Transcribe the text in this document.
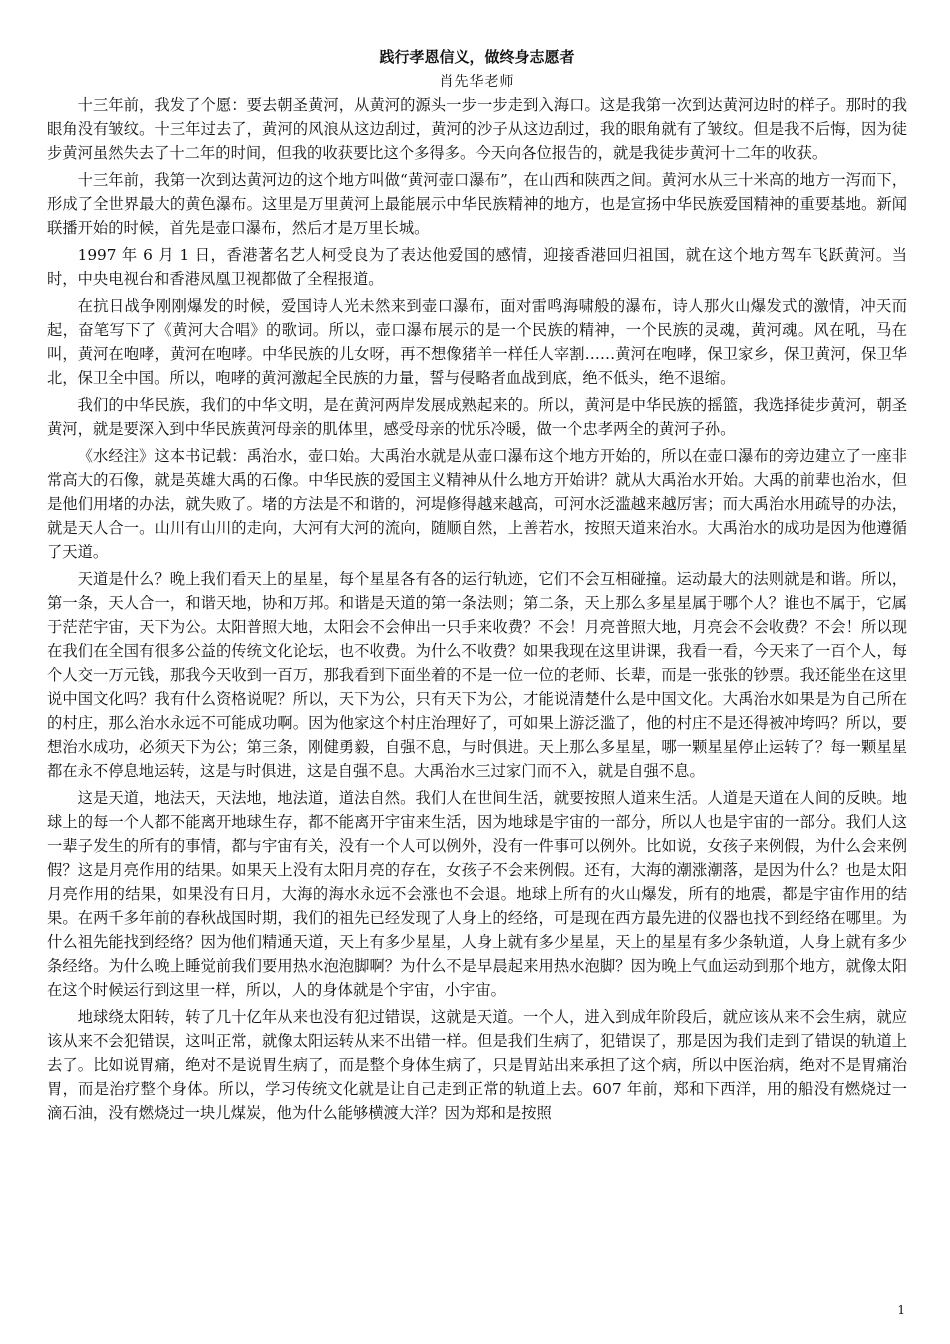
践行孝恩信义，做终身志愿者
肖先华老师

十三年前，我发了个愿：要去朝圣黄河，从黄河的源头一步一步走到入海口。这是我第一次到达黄河边时的样子。那时的我眼角没有皱纹。十三年过去了，黄河的风浪从这边刮过，黄河的沙子从这边刮过，我的眼角就有了皱纹。但是我不后悔，因为徒步黄河虽然失去了十二年的时间，但我的收获要比这个多得多。今天向各位报告的，就是我徒步黄河十二年的收获。

十三年前，我第一次到达黄河边的这个地方叫做“黄河壶口瀑布”，在山西和陕西之间。黄河水从三十米高的地方一泻而下，形成了全世界最大的黄色瀑布。这里是万里黄河上最能展示中华民族精神的地方，也是宣扬中华民族爱国精神的重要基地。新闻联播开始的时候，首先是壶口瀑布，然后才是万里长城。

1997 年 6 月 1 日，香港著名艺人柯受良为了表达他爱国的感情，迎接香港回归祖国，就在这个地方驾车飞跃黄河。当时，中央电视台和香港凤凰卫视都做了全程报道。

在抗日战争刚刚爆发的时候，爱国诗人光未然来到壶口瀑布，面对雷鸣海啸般的瀑布，诗人那火山爆发式的激情，冲天而起，奋笔写下了《黄河大合唱》的歌词。所以，壶口瀑布展示的是一个民族的精神，一个民族的灵魂，黄河魂。风在吼，马在叫，黄河在咆哮，黄河在咆哮。中华民族的儿女呀，再不想像猪羊一样任人宰割……黄河在咆哮，保卫家乡，保卫黄河，保卫华北，保卫全中国。所以，咆哮的黄河激起全民族的力量，誓与侵略者血战到底，绝不低头，绝不退缩。

我们的中华民族，我们的中华文明，是在黄河两岸发展成熟起来的。所以，黄河是中华民族的摇篮，我选择徒步黄河，朝圣黄河，就是要深入到中华民族黄河母亲的肌体里，感受母亲的忧乐冷暖，做一个忠孝两全的黄河子孙。

《水经注》这本书记载：禹治水，壶口始。大禹治水就是从壶口瀑布这个地方开始的，所以在壶口瀑布的旁边建立了一座非常高大的石像，就是英雄大禹的石像。中华民族的爱国主义精神从什么地方开始讲？就从大禹治水开始。大禹的前辈也治水，但是他们用堵的办法，就失败了。堵的方法是不和谐的，河堤修得越来越高，可河水泛滥越来越厉害；而大禹治水用疏导的办法，就是天人合一。山川有山川的走向，大河有大河的流向，随顺自然，上善若水，按照天道来治水。大禹治水的成功是因为他遵循了天道。

天道是什么？晚上我们看天上的星星，每个星星各有各的运行轨迹，它们不会互相碰撞。运动最大的法则就是和谐。所以，第一条，天人合一，和谐天地，协和万邦。和谐是天道的第一条法则；第二条，天上那么多星星属于哪个人？谁也不属于，它属于茫茫宇宙，天下为公。太阳普照大地，太阳会不会伸出一只手来收费？不会！月亮普照大地，月亮会不会收费？不会！所以现在我们在全国有很多公益的传统文化论坛，也不收费。为什么不收费？如果我现在这里讲课，我看一看，今天来了一百个人，每个人交一万元钱，那我今天收到一百万，那我看到下面坐着的不是一位一位的老师、长辈，而是一张张的钞票。我还能坐在这里说中国文化吗？我有什么资格说呢？所以，天下为公，只有天下为公，才能说清楚什么是中国文化。大禹治水如果是为自己所在的村庄，那么治水永远不可能成功啊。因为他家这个村庄治理好了，可如果上游泛滥了，他的村庄不是还得被冲垮吗？所以，要想治水成功，必须天下为公；第三条，刚健勇毅，自强不息，与时俱进。天上那么多星星，哪一颗星星停止运转了？每一颗星星都在永不停息地运转，这是与时俱进，这是自强不息。大禹治水三过家门而不入，就是自强不息。

这是天道，地法天，天法地，地法道，道法自然。我们人在世间生活，就要按照人道来生活。人道是天道在人间的反映。地球上的每一个人都不能离开地球生存，都不能离开宇宙来生活，因为地球是宇宙的一部分，所以人也是宇宙的一部分。我们人这一辈子发生的所有的事情，都与宇宙有关，没有一个人可以例外，没有一件事可以例外。比如说，女孩子来例假，为什么会来例假？这是月亮作用的结果。如果天上没有太阳月亮的存在，女孩子不会来例假。还有，大海的潮涨潮落，是因为什么？也是太阳月亮作用的结果，如果没有日月，大海的海水永远不会涨也不会退。地球上所有的火山爆发，所有的地震，都是宇宙作用的结果。在两千多年前的春秋战国时期，我们的祖先已经发现了人身上的经络，可是现在西方最先进的仪器也找不到经络在哪里。为什么祖先能找到经络？因为他们精通天道，天上有多少星星，人身上就有多少星星，天上的星星有多少条轨道，人身上就有多少条经络。为什么晚上睡觉前我们要用热水泡泡脚啊？为什么不是早晨起来用热水泡脚？因为晚上气血运动到那个地方，就像太阳在这个时候运行到这里一样，所以，人的身体就是个宇宙，小宇宙。

地球绕太阳转，转了几十亿年从来也没有犯过错误，这就是天道。一个人，进入到成年阶段后，就应该从来不会生病，就应该从来不会犯错误，这叫正常，就像太阳运转从来不出错一样。但是我们生病了，犯错误了，那是因为我们走到了错误的轨道上去了。比如说胃痛，绝对不是说胃生病了，而是整个身体生病了，只是胃站出来承担了这个病，所以中医治病，绝对不是胃痛治胃，而是治疗整个身体。所以，学习传统文化就是让自己走到正常的轨道上去。607 年前，郑和下西洋，用的船没有燃烧过一滴石油，没有燃烧过一块儿煤炭，他为什么能够横渡大洋？因为郑和是按照

1
